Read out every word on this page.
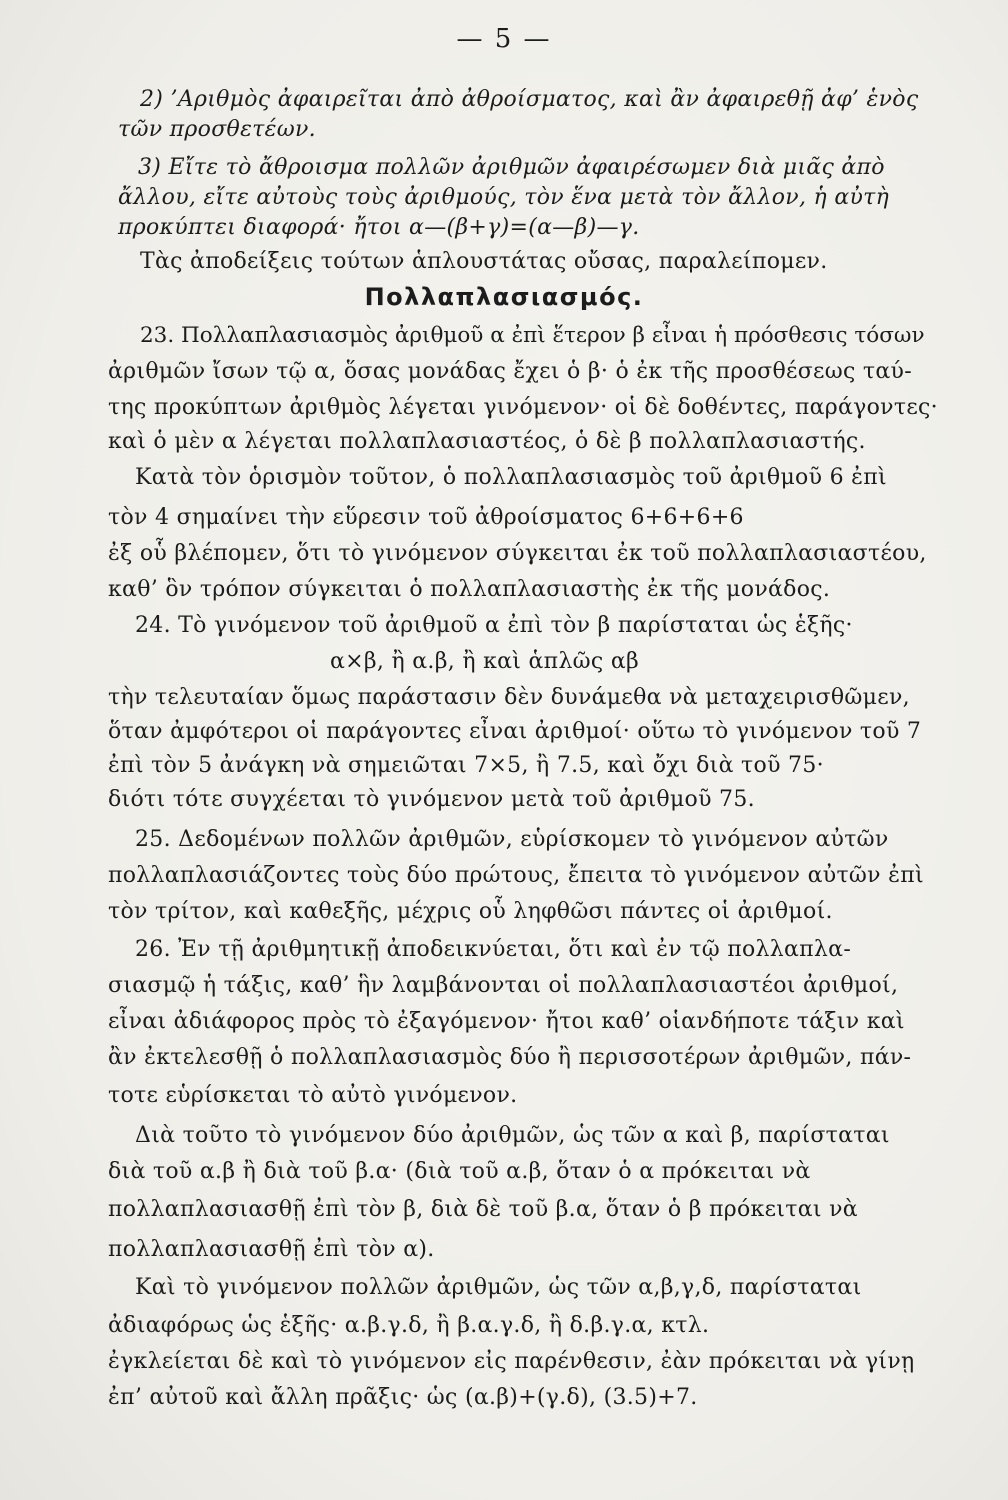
— 5 —
2) ’Αριθμὸς ἀφαιρεῖται ἀπὸ ἀθροίσματος, καὶ ἂν ἀφαιρεθῇ ἀφ’ ἑνὸς
τῶν προσθετέων.
3) Εἴτε τὸ ἄθροισμα πολλῶν ἀριθμῶν ἀφαιρέσωμεν διὰ μιᾶς ἀπὸ
ἄλλου, εἴτε αὐτοὺς τοὺς ἀριθμούς, τὸν ἕνα μετὰ τὸν ἄλλον, ἡ αὐτὴ
προκύπτει διαφορά· ἤτοι α—(β+γ)=(α—β)—γ.
Τὰς ἀποδείξεις τούτων ἁπλουστάτας οὔσας, παραλείπομεν.
Πολλαπλασιασμός.
23. Πολλαπλασιασμὸς ἀριθμοῦ α ἐπὶ ἕτερον β εἶναι ἡ πρόσθεσις τόσων
ἀριθμῶν ἴσων τῷ α, ὅσας μονάδας ἔχει ὁ β· ὁ ἐκ τῆς προσθέσεως ταύ-
της προκύπτων ἀριθμὸς λέγεται γινόμενον· οἱ δὲ δοθέντες, παράγοντες·
καὶ ὁ μὲν α λέγεται πολλαπλασιαστέος, ὁ δὲ β πολλαπλασιαστής.
Κατὰ τὸν ὁρισμὸν τοῦτον, ὁ πολλαπλασιασμὸς τοῦ ἀριθμοῦ 6 ἐπὶ
τὸν 4 σημαίνει τὴν εὕρεσιν τοῦ ἀθροίσματος 6+6+6+6
ἐξ οὗ βλέπομεν, ὅτι τὸ γινόμενον σύγκειται ἐκ τοῦ πολλαπλασιαστέου,
καθ’ ὃν τρόπον σύγκειται ὁ πολλαπλασιαστὴς ἐκ τῆς μονάδος.
24. Τὸ γινόμενον τοῦ ἀριθμοῦ α ἐπὶ τὸν β παρίσταται ὡς ἑξῆς·
α×β, ἢ α.β, ἢ καὶ ἁπλῶς αβ
τὴν τελευταίαν ὅμως παράστασιν δὲν δυνάμεθα νὰ μεταχειρισθῶμεν,
ὅταν ἀμφότεροι οἱ παράγοντες εἶναι ἀριθμοί· οὕτω τὸ γινόμενον τοῦ 7
ἐπὶ τὸν 5 ἀνάγκη νὰ σημειῶται 7×5, ἢ 7.5, καὶ ὄχι διὰ τοῦ 75·
διότι τότε συγχέεται τὸ γινόμενον μετὰ τοῦ ἀριθμοῦ 75.
25. Δεδομένων πολλῶν ἀριθμῶν, εὑρίσκομεν τὸ γινόμενον αὐτῶν
πολλαπλασιάζοντες τοὺς δύο πρώτους, ἔπειτα τὸ γινόμενον αὐτῶν ἐπὶ
τὸν τρίτον, καὶ καθεξῆς, μέχρις οὗ ληφθῶσι πάντες οἱ ἀριθμοί.
26. Ἐν τῇ ἀριθμητικῇ ἀποδεικνύεται, ὅτι καὶ ἐν τῷ πολλαπλα-
σιασμῷ ἡ τάξις, καθ’ ἣν λαμβάνονται οἱ πολλαπλασιαστέοι ἀριθμοί,
εἶναι ἀδιάφορος πρὸς τὸ ἐξαγόμενον· ἤτοι καθ’ οἱανδήποτε τάξιν καὶ
ἂν ἐκτελεσθῇ ὁ πολλαπλασιασμὸς δύο ἢ περισσοτέρων ἀριθμῶν, πάν-
τοτε εὑρίσκεται τὸ αὐτὸ γινόμενον.
Διὰ τοῦτο τὸ γινόμενον δύο ἀριθμῶν, ὡς τῶν α καὶ β, παρίσταται
διὰ τοῦ α.β ἢ διὰ τοῦ β.α· (διὰ τοῦ α.β, ὅταν ὁ α πρόκειται νὰ
πολλαπλασιασθῇ ἐπὶ τὸν β, διὰ δὲ τοῦ β.α, ὅταν ὁ β πρόκειται νὰ
πολλαπλασιασθῇ ἐπὶ τὸν α).
Καὶ τὸ γινόμενον πολλῶν ἀριθμῶν, ὡς τῶν α,β,γ,δ, παρίσταται
ἀδιαφόρως ὡς ἑξῆς· α.β.γ.δ, ἢ β.α.γ.δ, ἢ δ.β.γ.α, κτλ.
ἐγκλείεται δὲ καὶ τὸ γινόμενον εἰς παρένθεσιν, ἐὰν πρόκειται νὰ γίνῃ
ἐπ’ αὐτοῦ καὶ ἄλλη πρᾶξις· ὡς (α.β)+(γ.δ), (3.5)+7.
